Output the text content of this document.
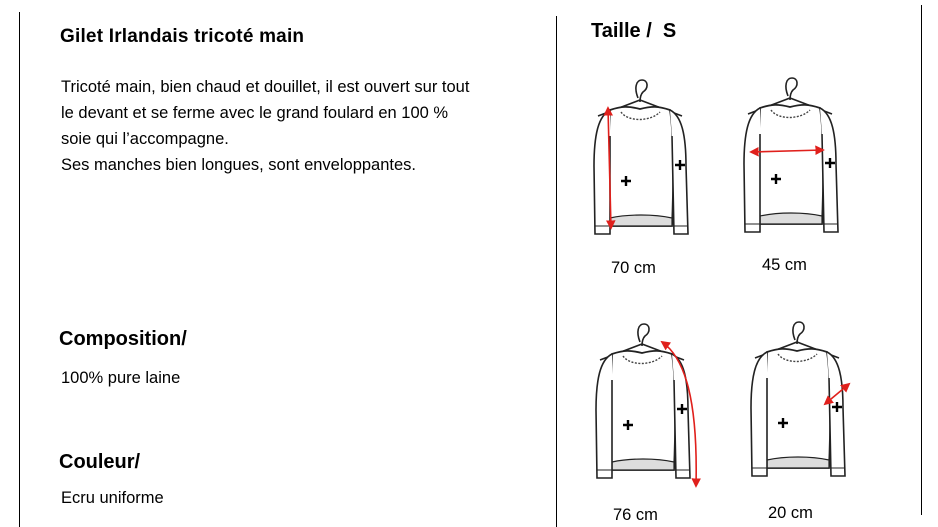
Gilet Irlandais tricoté main

Tricoté main, bien chaud et douillet, il est ouvert sur tout

le devant et se ferme avec le grand foulard en 100 %

soie qui l’accompagne.

Ses manches bien longues, sont enveloppantes.

Composition/
100% pure laine
Couleur/
Ecru uniforme
Taille /  S
70 cm	45 cm
76 cm	20 cm
